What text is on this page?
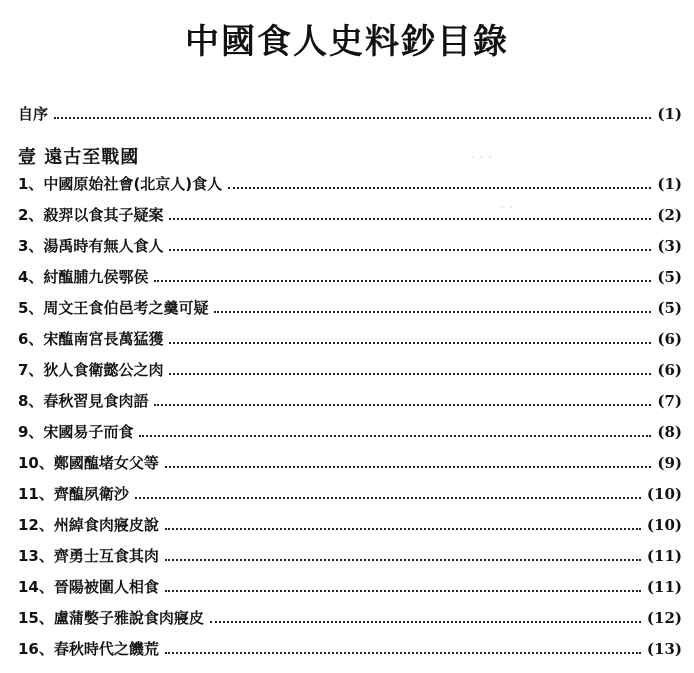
· · ·
· ·
中國食人史料鈔目錄
自序	(1)
壹 遠古至戰國
1、中國原始社會(北京人)食人	(1)
2、殺羿以食其子疑案	(2)
3、湯禹時有無人食人	(3)
4、紂醢脯九侯鄂侯	(5)
5、周文王食伯邑考之羹可疑	(5)
6、宋醢南宮長萬猛獲	(6)
7、狄人食衛懿公之肉	(6)
8、春秋習見食肉語	(7)
9、宋國易子而食	(8)
10、鄭國醢堵女父等	(9)
11、齊醢夙衛沙	(10)
12、州綽食肉寢皮說	(10)
13、齊勇士互食其肉	(11)
14、晉陽被圍人相食	(11)
15、盧蒲嫳子雅說食肉寢皮	(12)
16、春秋時代之饑荒	(13)
